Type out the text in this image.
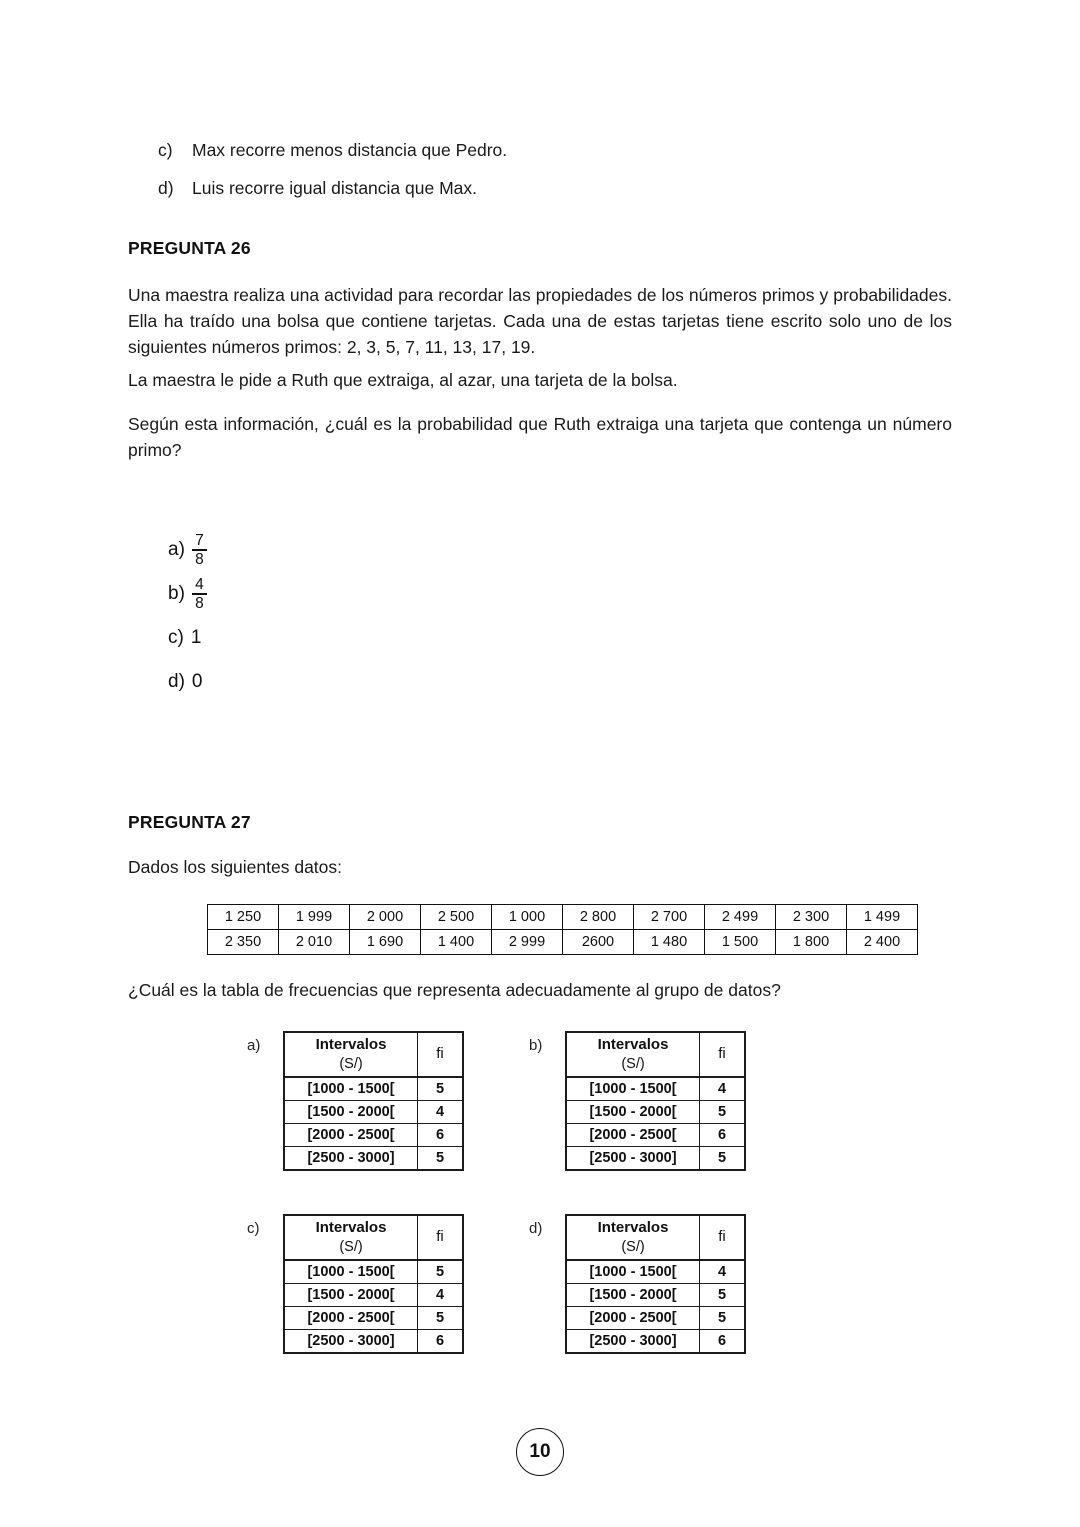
c)	Max recorre menos distancia que Pedro.
d)	Luis recorre igual distancia que Max.
PREGUNTA 26

Una maestra realiza una actividad para recordar las propiedades de los números primos y probabilidades. Ella ha traído una bolsa que contiene tarjetas. Cada una de estas tarjetas tiene escrito solo uno de los siguientes números primos: 2, 3, 5, 7, 11, 13, 17, 19.

La maestra le pide a Ruth que extraiga, al azar, una tarjeta de la bolsa.

Según esta información, ¿cuál es la probabilidad que Ruth extraiga una tarjeta que contenga un número primo?

$a) \frac{7}{8}$
$b) \frac{4}{8}$
c) 1
d) 0
PREGUNTA 27

Dados los siguientes datos:

1 250	1 999	2 000	2 500	1 000	2 800	2 700	2 499	2 300	1 499
2 350	2 010	1 690	1 400	2 999	2600	1 480	1 500	1 800	2 400

¿Cuál es la tabla de frecuencias que representa adecuadamente al grupo de datos?

a)	Intervalos
(S/)	fi
[1000 - 1500[	5
[1500 - 2000[	4
[2000 - 2500[	6
[2500 - 3000]	5
b)	Intervalos
(S/)	fi
[1000 - 1500[	4
[1500 - 2000[	5
[2000 - 2500[	6
[2500 - 3000]	5
c)	Intervalos
(S/)	fi
[1000 - 1500[	5
[1500 - 2000[	4
[2000 - 2500[	5
[2500 - 3000]	6
d)	Intervalos
(S/)	fi
[1000 - 1500[	4
[1500 - 2000[	5
[2000 - 2500[	5
[2500 - 3000]	6
10
